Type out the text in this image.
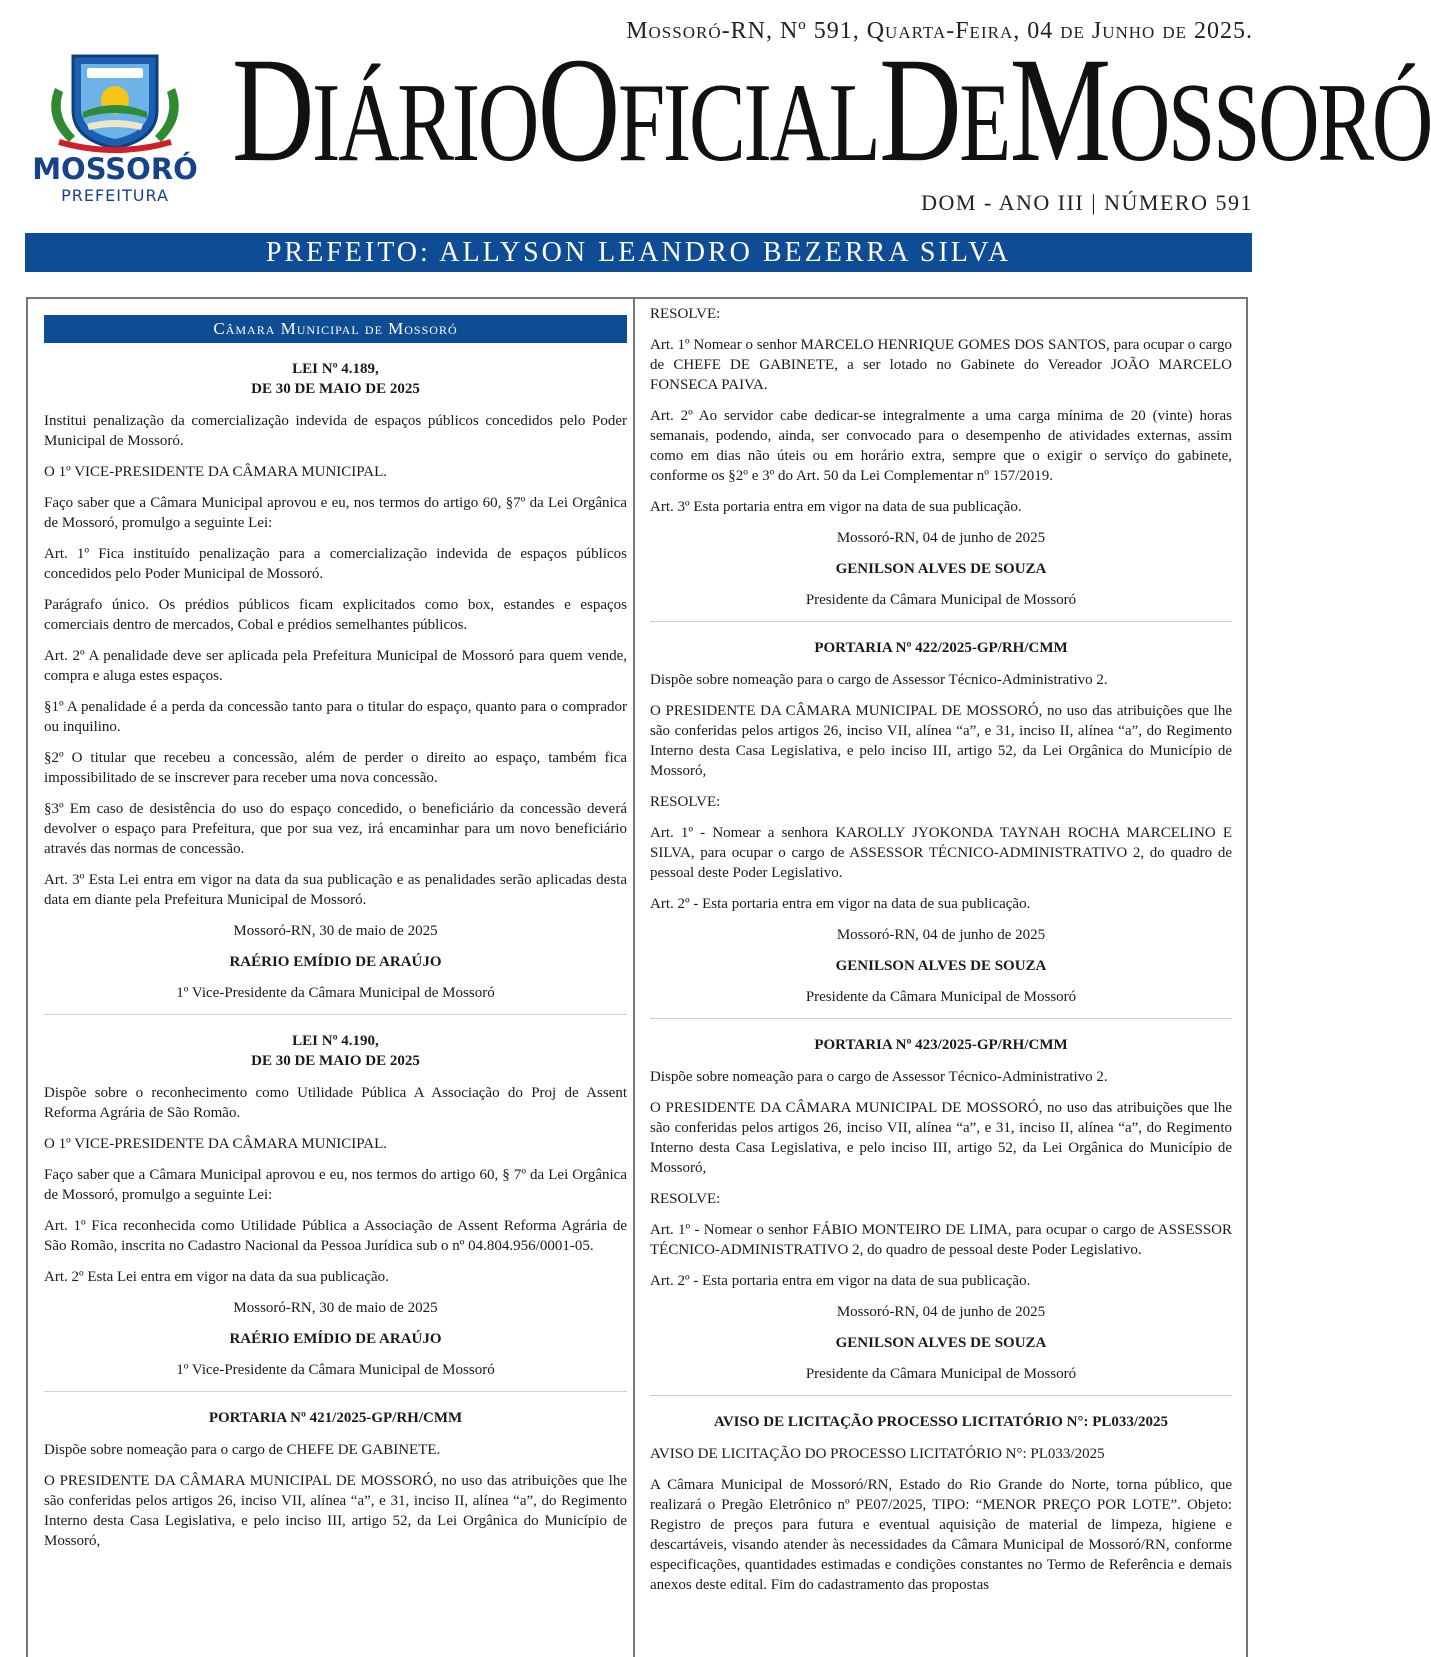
Mossoró-RN, Nº 591, Quarta-Feira, 04 de Junho de 2025.
MOSSORÓ
PREFEITURA
DIÁRIO OFICIAL DE MOSSORÓ
DOM - ANO III | NÚMERO 591
PREFEITO: ALLYSON LEANDRO BEZERRA SILVA
Câmara Municipal de Mossoró
LEI Nº 4.189,
DE 30 DE MAIO DE 2025

Institui penalização da comercialização indevida de espaços públicos concedidos pelo Poder Municipal de Mossoró.

O 1º VICE-PRESIDENTE DA CÂMARA MUNICIPAL.

Faço saber que a Câmara Municipal aprovou e eu, nos termos do artigo 60, §7º da Lei Orgânica de Mossoró, promulgo a seguinte Lei:

Art. 1º Fica instituído penalização para a comercialização indevida de espaços públicos concedidos pelo Poder Municipal de Mossoró.

Parágrafo único. Os prédios públicos ficam explicitados como box, estandes e espaços comerciais dentro de mercados, Cobal e prédios semelhantes públicos.

Art. 2º A penalidade deve ser aplicada pela Prefeitura Municipal de Mossoró para quem vende, compra e aluga estes espaços.

§1º A penalidade é a perda da concessão tanto para o titular do espaço, quanto para o comprador ou inquilino.

§2º O titular que recebeu a concessão, além de perder o direito ao espaço, também fica impossibilitado de se inscrever para receber uma nova concessão.

§3º Em caso de desistência do uso do espaço concedido, o beneficiário da concessão deverá devolver o espaço para Prefeitura, que por sua vez, irá encaminhar para um novo beneficiário através das normas de concessão.

Art. 3º Esta Lei entra em vigor na data da sua publicação e as penalidades serão aplicadas desta data em diante pela Prefeitura Municipal de Mossoró.

Mossoró-RN, 30 de maio de 2025

RAÉRIO EMÍDIO DE ARAÚJO

1º Vice-Presidente da Câmara Municipal de Mossoró

LEI Nº 4.190,
DE 30 DE MAIO DE 2025

Dispõe sobre o reconhecimento como Utilidade Pública A Associação do Proj de Assent Reforma Agrária de São Romão.

O 1º VICE-PRESIDENTE DA CÂMARA MUNICIPAL.

Faço saber que a Câmara Municipal aprovou e eu, nos termos do artigo 60, § 7º da Lei Orgânica de Mossoró, promulgo a seguinte Lei:

Art. 1º Fica reconhecida como Utilidade Pública a Associação de Assent Reforma Agrária de São Romão, inscrita no Cadastro Nacional da Pessoa Jurídica sub o nº 04.804.956/0001-05.

Art. 2º Esta Lei entra em vigor na data da sua publicação.

Mossoró-RN, 30 de maio de 2025

RAÉRIO EMÍDIO DE ARAÚJO

1º Vice-Presidente da Câmara Municipal de Mossoró

PORTARIA Nº 421/2025-GP/RH/CMM

Dispõe sobre nomeação para o cargo de CHEFE DE GABINETE.

O PRESIDENTE DA CÂMARA MUNICIPAL DE MOSSORÓ, no uso das atribuições que lhe são conferidas pelos artigos 26, inciso VII, alínea “a”, e 31, inciso II, alínea “a”, do Regimento Interno desta Casa Legislativa, e pelo inciso III, artigo 52, da Lei Orgânica do Município de Mossoró,

RESOLVE:

Art. 1º Nomear o senhor MARCELO HENRIQUE GOMES DOS SANTOS, para ocupar o cargo de CHEFE DE GABINETE, a ser lotado no Gabinete do Vereador JOÃO MARCELO FONSECA PAIVA.

Art. 2º Ao servidor cabe dedicar-se integralmente a uma carga mínima de 20 (vinte) horas semanais, podendo, ainda, ser convocado para o desempenho de atividades externas, assim como em dias não úteis ou em horário extra, sempre que o exigir o serviço do gabinete, conforme os §2º e 3º do Art. 50 da Lei Complementar nº 157/2019.

Art. 3º Esta portaria entra em vigor na data de sua publicação.

Mossoró-RN, 04 de junho de 2025

GENILSON ALVES DE SOUZA

Presidente da Câmara Municipal de Mossoró

PORTARIA Nº 422/2025-GP/RH/CMM

Dispõe sobre nomeação para o cargo de Assessor Técnico-Administrativo 2.

O PRESIDENTE DA CÂMARA MUNICIPAL DE MOSSORÓ, no uso das atribuições que lhe são conferidas pelos artigos 26, inciso VII, alínea “a”, e 31, inciso II, alínea “a”, do Regimento Interno desta Casa Legislativa, e pelo inciso III, artigo 52, da Lei Orgânica do Município de Mossoró,

RESOLVE:

Art. 1º - Nomear a senhora KAROLLY JYOKONDA TAYNAH ROCHA MARCELINO E SILVA, para ocupar o cargo de ASSESSOR TÉCNICO-ADMINISTRATIVO 2, do quadro de pessoal deste Poder Legislativo.

Art. 2º - Esta portaria entra em vigor na data de sua publicação.

Mossoró-RN, 04 de junho de 2025

GENILSON ALVES DE SOUZA

Presidente da Câmara Municipal de Mossoró

PORTARIA Nº 423/2025-GP/RH/CMM

Dispõe sobre nomeação para o cargo de Assessor Técnico-Administrativo 2.

O PRESIDENTE DA CÂMARA MUNICIPAL DE MOSSORÓ, no uso das atribuições que lhe são conferidas pelos artigos 26, inciso VII, alínea “a”, e 31, inciso II, alínea “a”, do Regimento Interno desta Casa Legislativa, e pelo inciso III, artigo 52, da Lei Orgânica do Município de Mossoró,

RESOLVE:

Art. 1º - Nomear o senhor FÁBIO MONTEIRO DE LIMA, para ocupar o cargo de ASSESSOR TÉCNICO-ADMINISTRATIVO 2, do quadro de pessoal deste Poder Legislativo.

Art. 2º - Esta portaria entra em vigor na data de sua publicação.

Mossoró-RN, 04 de junho de 2025

GENILSON ALVES DE SOUZA

Presidente da Câmara Municipal de Mossoró

AVISO DE LICITAÇÃO PROCESSO LICITATÓRIO N°: PL033/2025

AVISO DE LICITAÇÃO DO PROCESSO LICITATÓRIO N°: PL033/2025

A Câmara Municipal de Mossoró/RN, Estado do Rio Grande do Norte, torna público, que realizará o Pregão Eletrônico nº PE07/2025, TIPO: “MENOR PREÇO POR LOTE”. Objeto: Registro de preços para futura e eventual aquisição de material de limpeza, higiene e descartáveis, visando atender às necessidades da Câmara Municipal de Mossoró/RN, conforme especificações, quantidades estimadas e condições constantes no Termo de Referência e demais anexos deste edital. Fim do cadastramento das propostas
